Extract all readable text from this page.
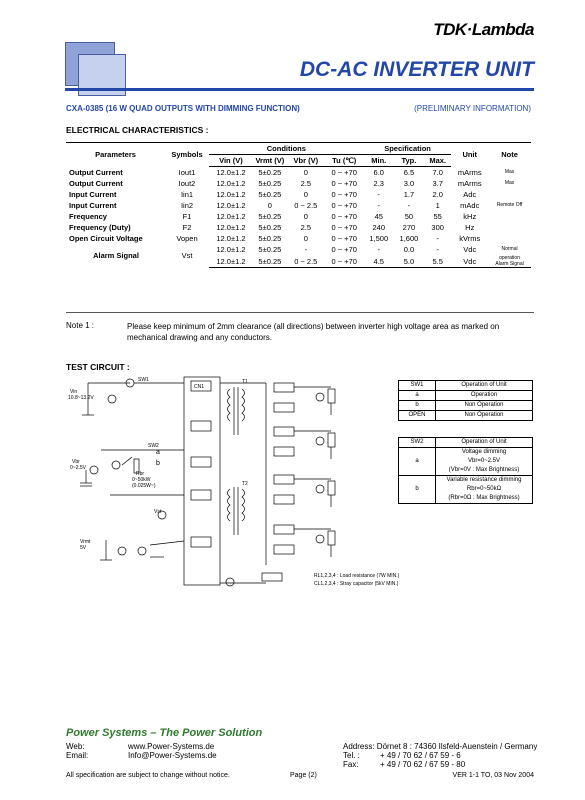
TDK·Lambda
DC-AC INVERTER UNIT
CXA-0385 (16 W QUAD OUTPUTS WITH DIMMING FUNCTION)	(PRELIMINARY INFORMATION)
ELECTRICAL CHARACTERISTICS :
Parameters	Symbols	Conditions				Specification			Unit	Note
		Vin (V)	Vrmt (V)	Vbr (V)	Tu (℃)	Min.	Typ.	Max.		
Output Current	Iout1	12.0±1.2	5±0.25	0	0 ~ +70	6.0	6.5	7.0	mArms	Max
Output Current	Iout2	12.0±1.2	5±0.25	2.5	0 ~ +70	2.3	3.0	3.7	mArms	Max
Input Current	Iin1	12.0±1.2	5±0.25	0	0 ~ +70	-	1.7	2.0	Adc	
Input Current	Iin2	12.0±1.2	0	0 ~ 2.5	0 ~ +70	-	-	1	mAdc	Remote Off
Frequency	F1	12.0±1.2	5±0.25	0	0 ~ +70	45	50	55	kHz	
Frequency (Duty)	F2	12.0±1.2	5±0.25	2.5	0 ~ +70	240	270	300	Hz	
Open Circuit Voltage	Vopen	12.0±1.2	5±0.25	0	0 ~ +70	1,500	1,600	-	kVrms	
Alarm Signal	Vst	12.0±1.2	5±0.25	-	0 ~ +70	-	0.0	-	Vdc	Normal
		12.0±1.2	5±0.25	0 ~ 2.5	0 ~ +70	4.5	5.0	5.5	Vdc	operation
Alarm Signal
Note 1 :	Please keep minimum of 2mm clearance (all directions) between inverter high voltage area as marked on mechanical drawing and any conductors.
TEST CIRCUIT :
Vin
10.8~13.2V
SW1
CN1
T1
T2
SW2
a
b
Vbr
0~2.5V
Rbr
0~50kW
(0.025W~)
Vst
Vrmt
5V
RL1,2,3,4 : Load resistance (7W MIN.)
CL1,2,3,4 : Stray capacitor (5kV MIN.)
SW1	Operation of Unit
a	Operation
b	Non Operation
OPEN	Non Operation
SW2	Operation of Unit
a	Voltage dimming
Vbr=0~2.5V
(Vbr=0V : Max Brightness)

b	Variable resistance dimming
Rbr=0~50kΩ
(Rbr=0Ω : Max Brightness)
Power Systems – The Power Solution
Web:	www.Power-Systems.de
Email:	Info@Power-Systems.de
Address: Dörnet 8 : 74360 Ilsfeld-Auenstein / Germany
Tel. :	+ 49 / 70 62 / 67 59 - 6
Fax:	+ 49 / 70 62 / 67 59 - 80
All specification are subject to change without notice.	Page (2)	VER 1-1 TO, 03 Nov 2004
